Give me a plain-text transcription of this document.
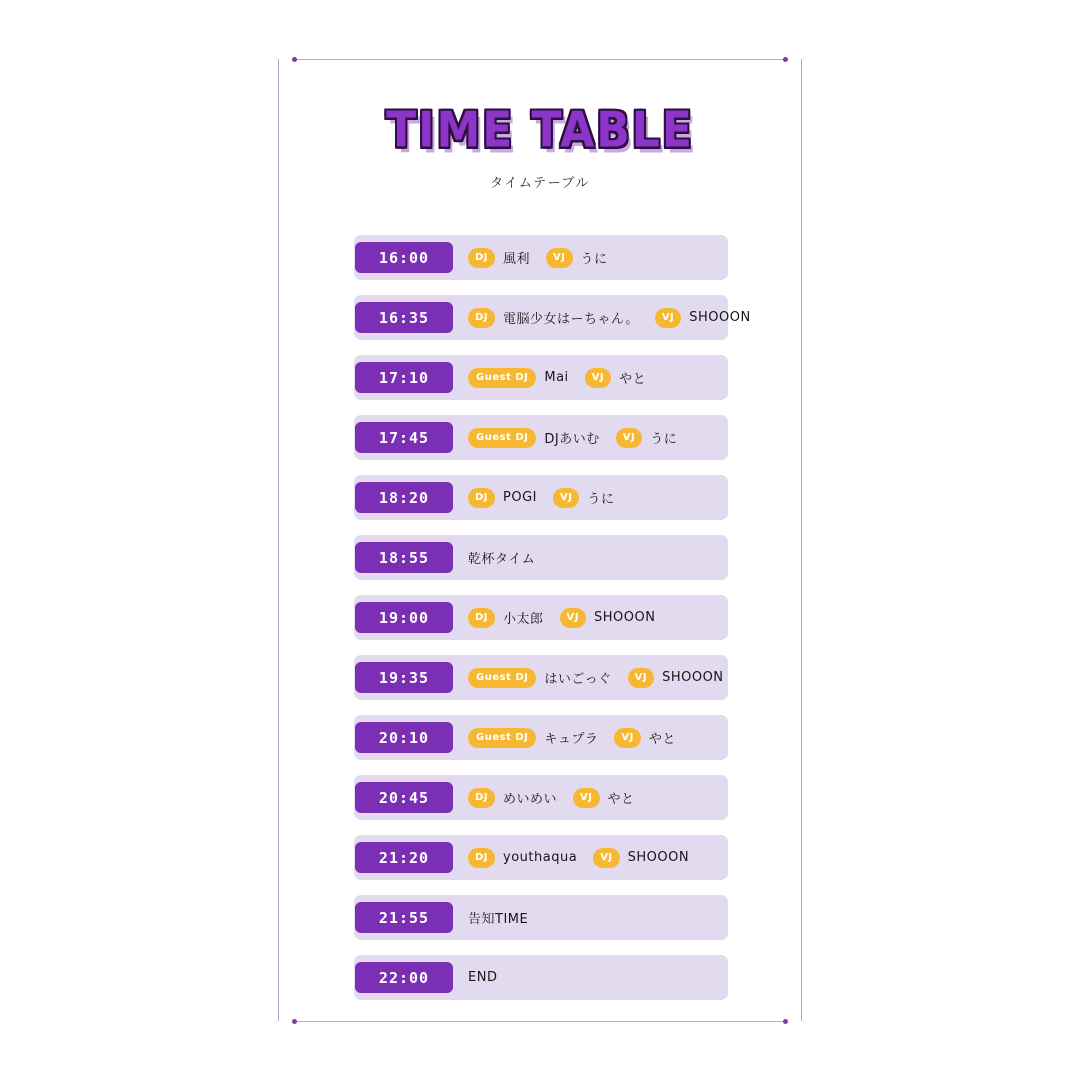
TIME TABLE
タイムテーブル
16:00	DJ	風利	VJ	うに
16:35	DJ	電脳少女はーちゃん。	VJ	SHOOON
17:10	Guest DJ	Mai	VJ	やと
17:45	Guest DJ	DJあいむ	VJ	うに
18:20	DJ	POGI	VJ	うに
18:55	乾杯タイム
19:00	DJ	小太郎	VJ	SHOOON
19:35	Guest DJ	はいごっぐ	VJ	SHOOON
20:10	Guest DJ	キュプラ	VJ	やと
20:45	DJ	めいめい	VJ	やと
21:20	DJ	youthaqua	VJ	SHOOON
21:55	告知TIME
22:00	END
